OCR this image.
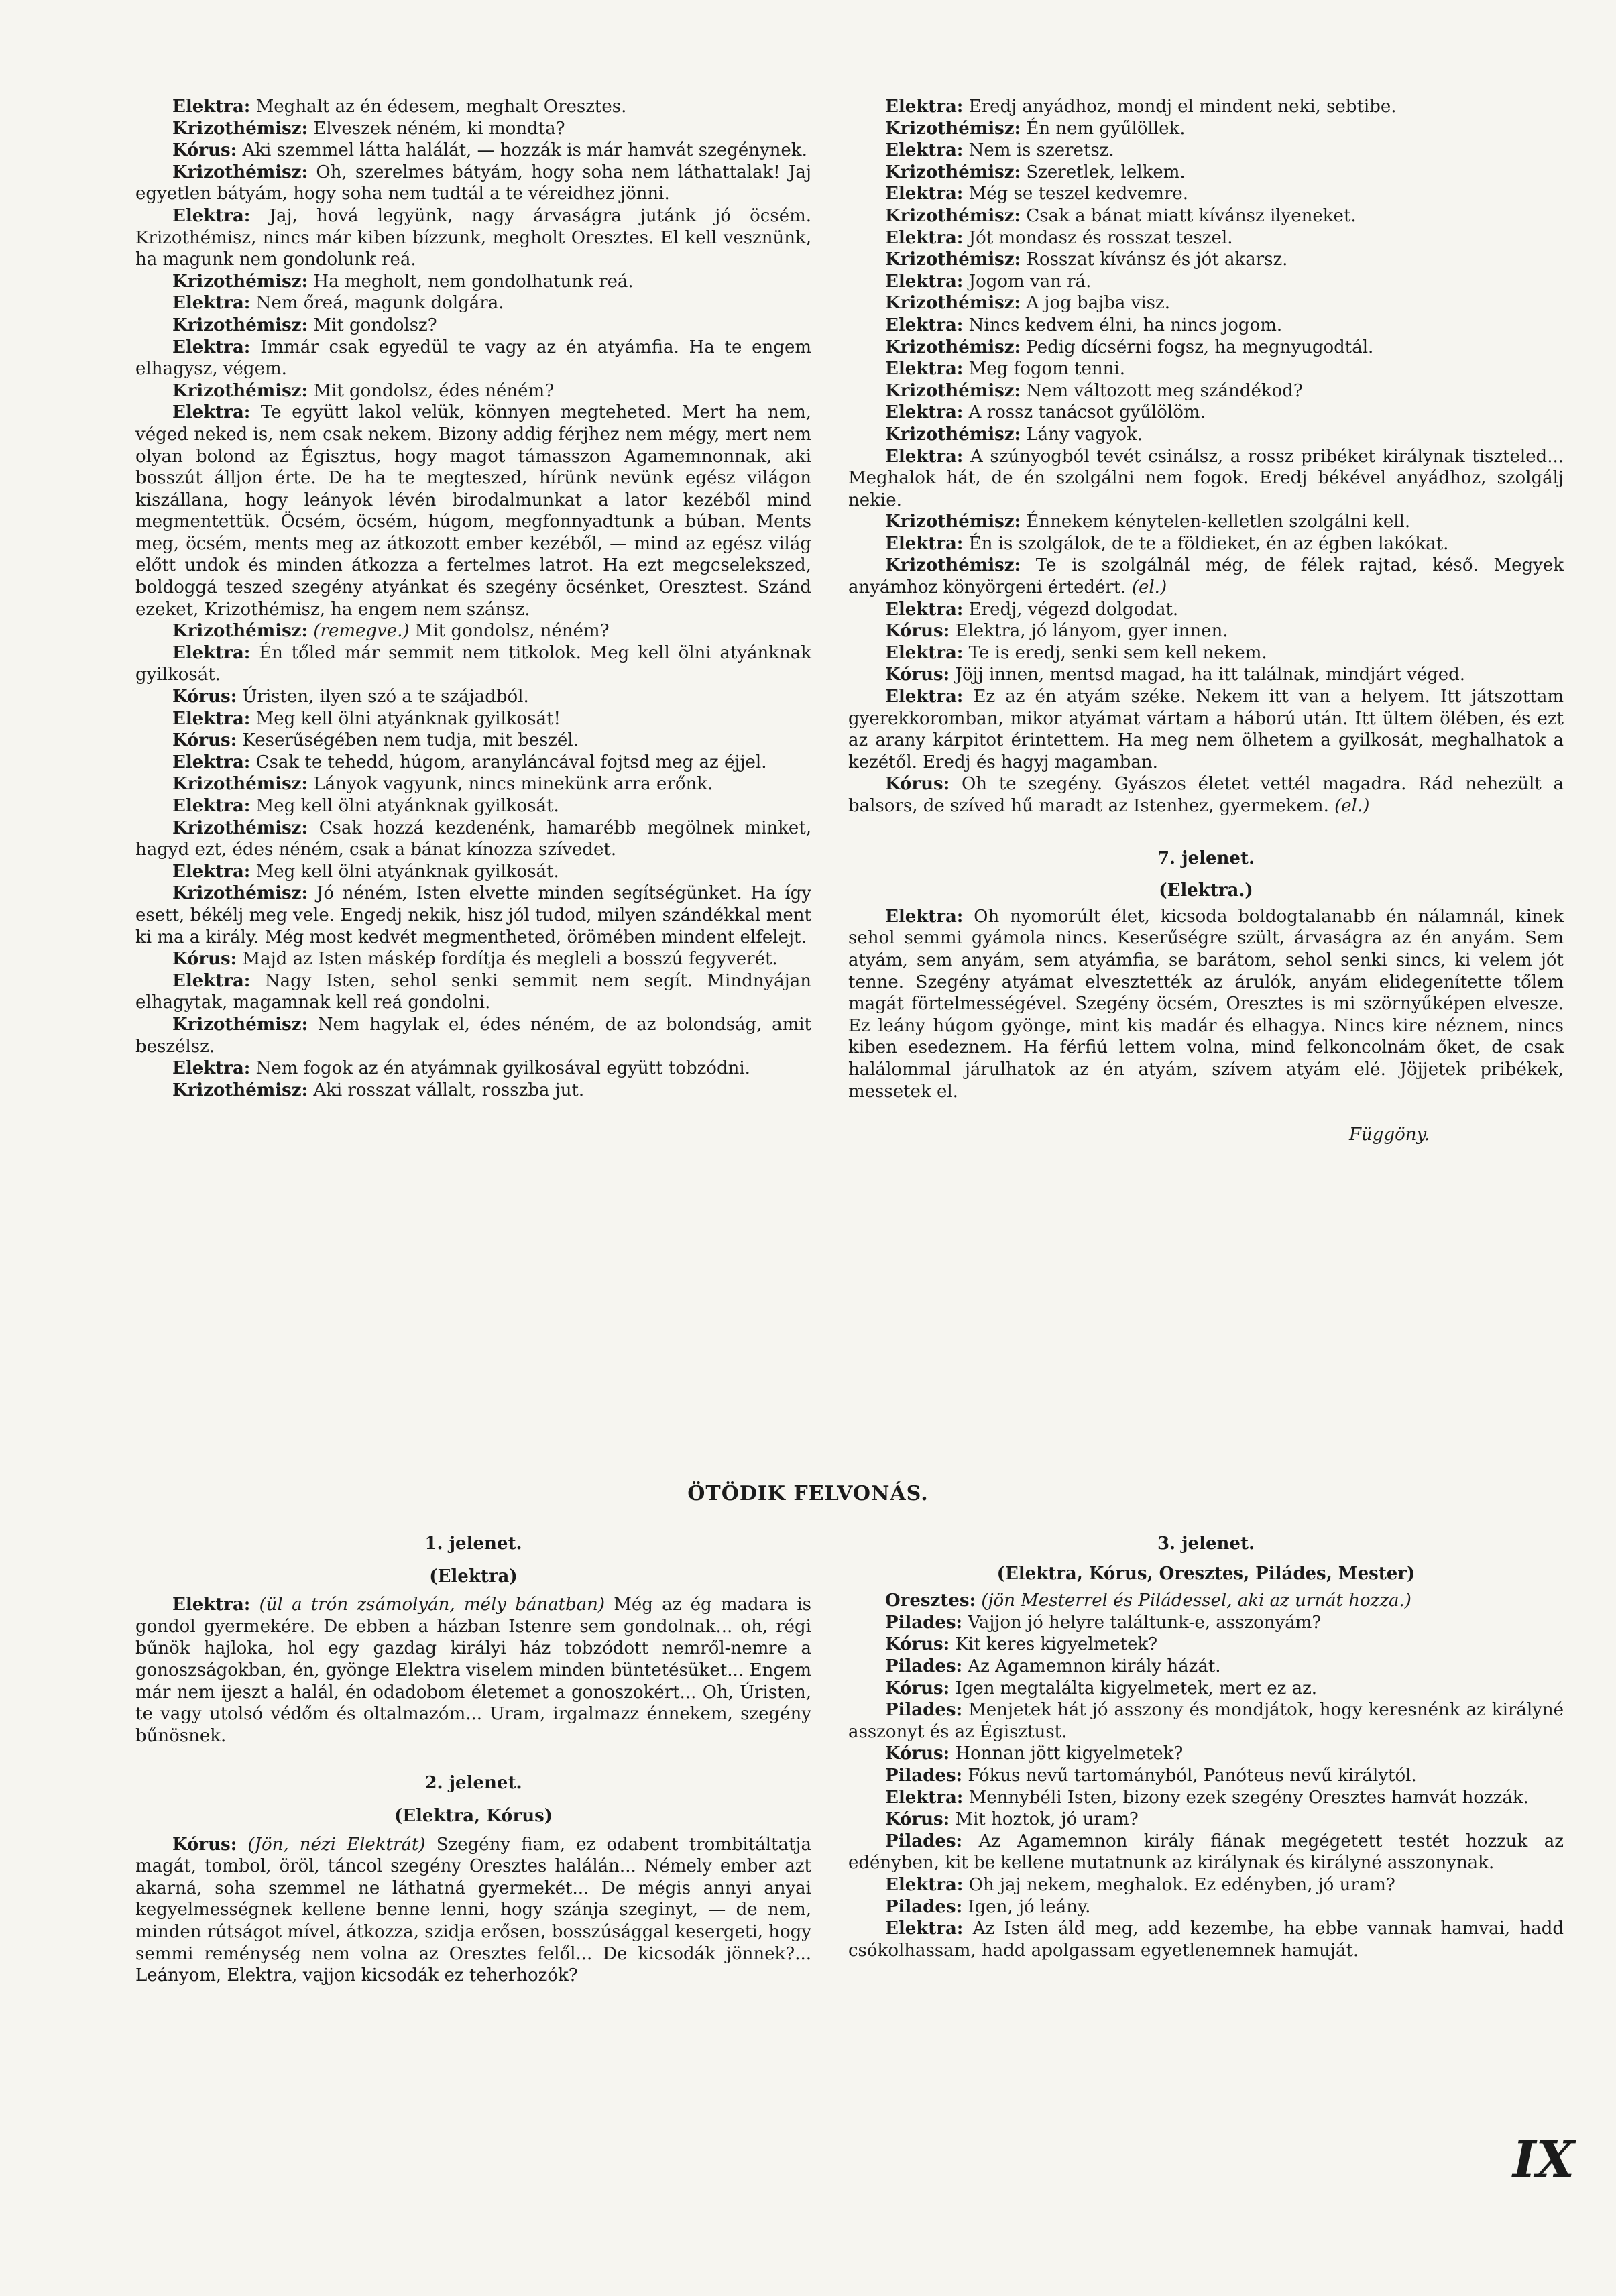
Elektra: Meghalt az én édesem, meghalt Oresztes.

Krizothémisz: Elveszek néném, ki mondta?

Kórus: Aki szemmel látta halálát, — hozzák is már hamvát szegénynek.

Krizothémisz: Oh, szerelmes bátyám, hogy soha nem láthattalak! Jaj egyetlen bátyám, hogy soha nem tudtál a te véreidhez jönni.

Elektra: Jaj, hová legyünk, nagy árvaságra jutánk jó öcsém. Krizothémisz, nincs már kiben bízzunk, megholt Oresztes. El kell vesznünk, ha magunk nem gondolunk reá.

Krizothémisz: Ha megholt, nem gondolhatunk reá.

Elektra: Nem őreá, magunk dolgára.

Krizothémisz: Mit gondolsz?

Elektra: Immár csak egyedül te vagy az én atyámfia. Ha te engem elhagysz, végem.

Krizothémisz: Mit gondolsz, édes néném?

Elektra: Te együtt lakol velük, könnyen megteheted. Mert ha nem, véged neked is, nem csak nekem. Bizony addig férjhez nem mégy, mert nem olyan bolond az Égisztus, hogy magot támasszon Agamemnonnak, aki bosszút álljon érte. De ha te megteszed, hírünk nevünk egész világon kiszállana, hogy leányok lévén birodalmunkat a lator kezéből mind megmentettük. Öcsém, öcsém, húgom, megfonnyadtunk a búban. Ments meg, öcsém, ments meg az átkozott ember kezéből, — mind az egész világ előtt undok és minden átkozza a fertelmes latrot. Ha ezt megcselekszed, boldoggá teszed szegény atyánkat és szegény öcsénket, Oresztest. Szánd ezeket, Krizothémisz, ha engem nem szánsz.

Krizothémisz: (remegve.) Mit gondolsz, néném?

Elektra: Én tőled már semmit nem titkolok. Meg kell ölni atyánknak gyilkosát.

Kórus: Úristen, ilyen szó a te szájadból.

Elektra: Meg kell ölni atyánknak gyilkosát!

Kórus: Keserűségében nem tudja, mit beszél.

Elektra: Csak te tehedd, húgom, aranyláncával fojtsd meg az éjjel.

Krizothémisz: Lányok vagyunk, nincs minekünk arra erőnk.

Elektra: Meg kell ölni atyánknak gyilkosát.

Krizothémisz: Csak hozzá kezdenénk, hamarébb megölnek minket, hagyd ezt, édes néném, csak a bánat kínozza szívedet.

Elektra: Meg kell ölni atyánknak gyilkosát.

Krizothémisz: Jó néném, Isten elvette minden segítségünket. Ha így esett, békélj meg vele. Engedj nekik, hisz jól tudod, milyen szándékkal ment ki ma a király. Még most kedvét megmentheted, örömében mindent elfelejt.

Kórus: Majd az Isten máskép fordítja és megleli a bosszú fegyverét.

Elektra: Nagy Isten, sehol senki semmit nem segít. Mindnyájan elhagytak, magamnak kell reá gondolni.

Krizothémisz: Nem hagylak el, édes néném, de az bolondság, amit beszélsz.

Elektra: Nem fogok az én atyámnak gyilkosával együtt tobzódni.

Krizothémisz: Aki rosszat vállalt, rosszba jut.

Elektra: Eredj anyádhoz, mondj el mindent neki, sebtibe.

Krizothémisz: Én nem gyűlöllek.

Elektra: Nem is szeretsz.

Krizothémisz: Szeretlek, lelkem.

Elektra: Még se teszel kedvemre.

Krizothémisz: Csak a bánat miatt kívánsz ilyeneket.

Elektra: Jót mondasz és rosszat teszel.

Krizothémisz: Rosszat kívánsz és jót akarsz.

Elektra: Jogom van rá.

Krizothémisz: A jog bajba visz.

Elektra: Nincs kedvem élni, ha nincs jogom.

Krizothémisz: Pedig dícsérni fogsz, ha megnyugodtál.

Elektra: Meg fogom tenni.

Krizothémisz: Nem változott meg szándékod?

Elektra: A rossz tanácsot gyűlölöm.

Krizothémisz: Lány vagyok.

Elektra: A szúnyogból tevét csinálsz, a rossz pribéket királynak tiszteled... Meghalok hát, de én szolgálni nem fogok. Eredj békével anyádhoz, szolgálj nekie.

Krizothémisz: Énnekem kénytelen-kelletlen szolgálni kell.

Elektra: Én is szolgálok, de te a földieket, én az égben lakókat.

Krizothémisz: Te is szolgálnál még, de félek rajtad, késő. Megyek anyámhoz könyörgeni értedért. (el.)

Elektra: Eredj, végezd dolgodat.

Kórus: Elektra, jó lányom, gyer innen.

Elektra: Te is eredj, senki sem kell nekem.

Kórus: Jöjj innen, mentsd magad, ha itt találnak, mindjárt véged.

Elektra: Ez az én atyám széke. Nekem itt van a helyem. Itt játszottam gyerekkoromban, mikor atyámat vártam a háború után. Itt ültem ölében, és ezt az arany kárpitot érintettem. Ha meg nem ölhetem a gyilkosát, meghalhatok a kezétől. Eredj és hagyj magamban.

Kórus: Oh te szegény. Gyászos életet vettél magadra. Rád nehezült a balsors, de szíved hű maradt az Istenhez, gyermekem. (el.)

7. jelenet.

(Elektra.)

Elektra: Oh nyomorúlt élet, kicsoda boldogtalanabb én nálamnál, kinek sehol semmi gyámola nincs. Keserűségre szült, árvaságra az én anyám. Sem atyám, sem anyám, sem atyámfia, se barátom, sehol senki sincs, ki velem jót tenne. Szegény atyámat elvesztették az árulók, anyám elidegenítette tőlem magát förtelmességével. Szegény öcsém, Oresztes is mi szörnyűképen elvesze. Ez leány húgom gyönge, mint kis madár és elhagya. Nincs kire néznem, nincs kiben esedeznem. Ha férfiú lettem volna, mind felkoncolnám őket, de csak halálommal járulhatok az én atyám, szívem atyám elé. Jöjjetek pribékek, messetek el.

Függöny.

ÖTÖDIK FELVONÁS.

1. jelenet.

(Elektra)

Elektra: (ül a trón zsámolyán, mély bánatban) Még az ég madara is gondol gyermekére. De ebben a házban Istenre sem gondolnak... oh, régi bűnök hajloka, hol egy gazdag királyi ház tobzódott nemről-nemre a gonoszságokban, én, gyönge Elektra viselem minden büntetésüket... Engem már nem ijeszt a halál, én odadobom életemet a gonoszokért... Oh, Úristen, te vagy utolsó védőm és oltalmazóm... Uram, irgalmazz énnekem, szegény bűnösnek.

2. jelenet.

(Elektra, Kórus)

Kórus: (Jön, nézi Elektrát) Szegény fiam, ez odabent trombitáltatja magát, tombol, öröl, táncol szegény Oresztes halálán... Némely ember azt akarná, soha szemmel ne láthatná gyermekét... De mégis annyi anyai kegyelmességnek kellene benne lenni, hogy szánja szeginyt, — de nem, minden rútságot mível, átkozza, szidja erősen, bosszúsággal kesergeti, hogy semmi reménység nem volna az Oresztes felől... De kicsodák jönnek?... Leányom, Elektra, vajjon kicsodák ez teherhozók?

3. jelenet.

(Elektra, Kórus, Oresztes, Piládes, Mester)

Oresztes: (jön Mesterrel és Piládessel, aki az urnát hozza.)

Pilades: Vajjon jó helyre találtunk-e, asszonyám?

Kórus: Kit keres kigyelmetek?

Pilades: Az Agamemnon király házát.

Kórus: Igen megtalálta kigyelmetek, mert ez az.

Pilades: Menjetek hát jó asszony és mondjátok, hogy keresnénk az királyné asszonyt és az Égisztust.

Kórus: Honnan jött kigyelmetek?

Pilades: Fókus nevű tartományból, Panóteus nevű királytól.

Elektra: Mennybéli Isten, bizony ezek szegény Oresztes hamvát hozzák.

Kórus: Mit hoztok, jó uram?

Pilades: Az Agamemnon király fiának megégetett testét hozzuk az edényben, kit be kellene mutatnunk az királynak és királyné asszonynak.

Elektra: Oh jaj nekem, meghalok. Ez edényben, jó uram?

Pilades: Igen, jó leány.

Elektra: Az Isten áld meg, add kezembe, ha ebbe vannak hamvai, hadd csókolhassam, hadd apolgassam egyetlenemnek hamuját.

IX
